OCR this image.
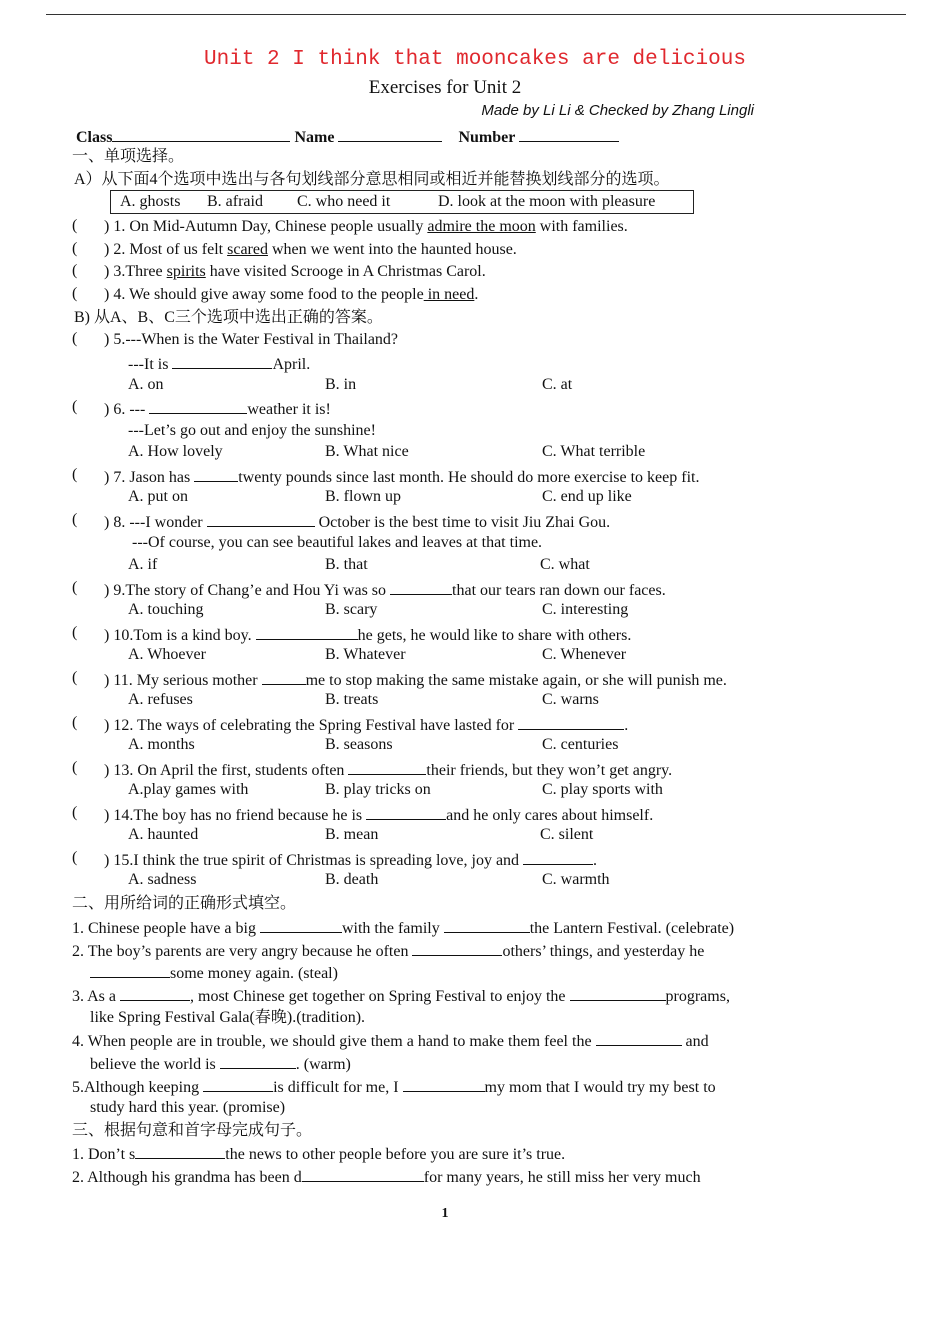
Unit 2 I think that mooncakes are delicious
Exercises for Unit 2
Made by Li Li & Checked by Zhang Lingli
Class	Name	Number
一、单项选择。
A）从下面4个选项中选出与各句划线部分意思相同或相近并能替换划线部分的选项。
A. ghosts B. afraid C. who need it	D. look at the moon with pleasure
( ) 1. On Mid-Autumn Day, Chinese people usually admire the moon with families.
( ) 2. Most of us felt scared when we went into the haunted house.
( ) 3.Three spirits have visited Scrooge in A Christmas Carol.
( ) 4. We should give away some food to the people in need.
B) 从A、B、C三个选项中选出正确的答案。
( ) 5.---When is the Water Festival in Thailand?
---It is	April.
A. on	B. in	C. at
( ) 6. ---	weather it is!
---Let’s go out and enjoy the sunshine!
A. How lovely	B. What nice	C. What terrible
( ) 7. Jason has	twenty pounds since last month. He should do more exercise to keep fit.
A. put on	B. flown up	C. end up like
( ) 8. ---I wonder	October is the best time to visit Jiu Zhai Gou.
---Of course, you can see beautiful lakes and leaves at that time.
A. if	B. that	C. what
( ) 9.The story of Chang’e and Hou Yi was so	that our tears ran down our faces.
A. touching	B. scary	C. interesting
( ) 10.Tom is a kind boy.	he gets, he would like to share with others.
A. Whoever	B. Whatever	C. Whenever
( ) 11. My serious mother	me to stop making the same mistake again, or she will punish me.
A. refuses	B. treats	C. warns
( ) 12. The ways of celebrating the Spring Festival have lasted for	.
A. months	B. seasons	C. centuries
( ) 13. On April the first, students often	their friends, but they won’t get angry.
A.play games with	B. play tricks on	C. play sports with
( ) 14.The boy has no friend because he is	and he only cares about himself.
A. haunted	B. mean	C. silent
( ) 15.I think the true spirit of Christmas is spreading love, joy and	.
A. sadness	B. death	C. warmth
二、用所给词的正确形式填空。
1. Chinese people have a big	with the family	the Lantern Festival. (celebrate)
2. The boy’s parents are very angry because he often	others’ things, and yesterday he
some money again. (steal)
3. As a	, most Chinese get together on Spring Festival to enjoy the	programs,
like Spring Festival Gala(春晚).(tradition).
4. When people are in trouble, we should give them a hand to make them feel the	and
believe the world is	. (warm)
5.Although keeping	is difficult for me, I	my mom that I would try my best to
study hard this year. (promise)
三、根据句意和首字母完成句子。
1. Don’t s	the news to other people before you are sure it’s true.
2. Although his grandma has been d	for many years, he still miss her very much
1
